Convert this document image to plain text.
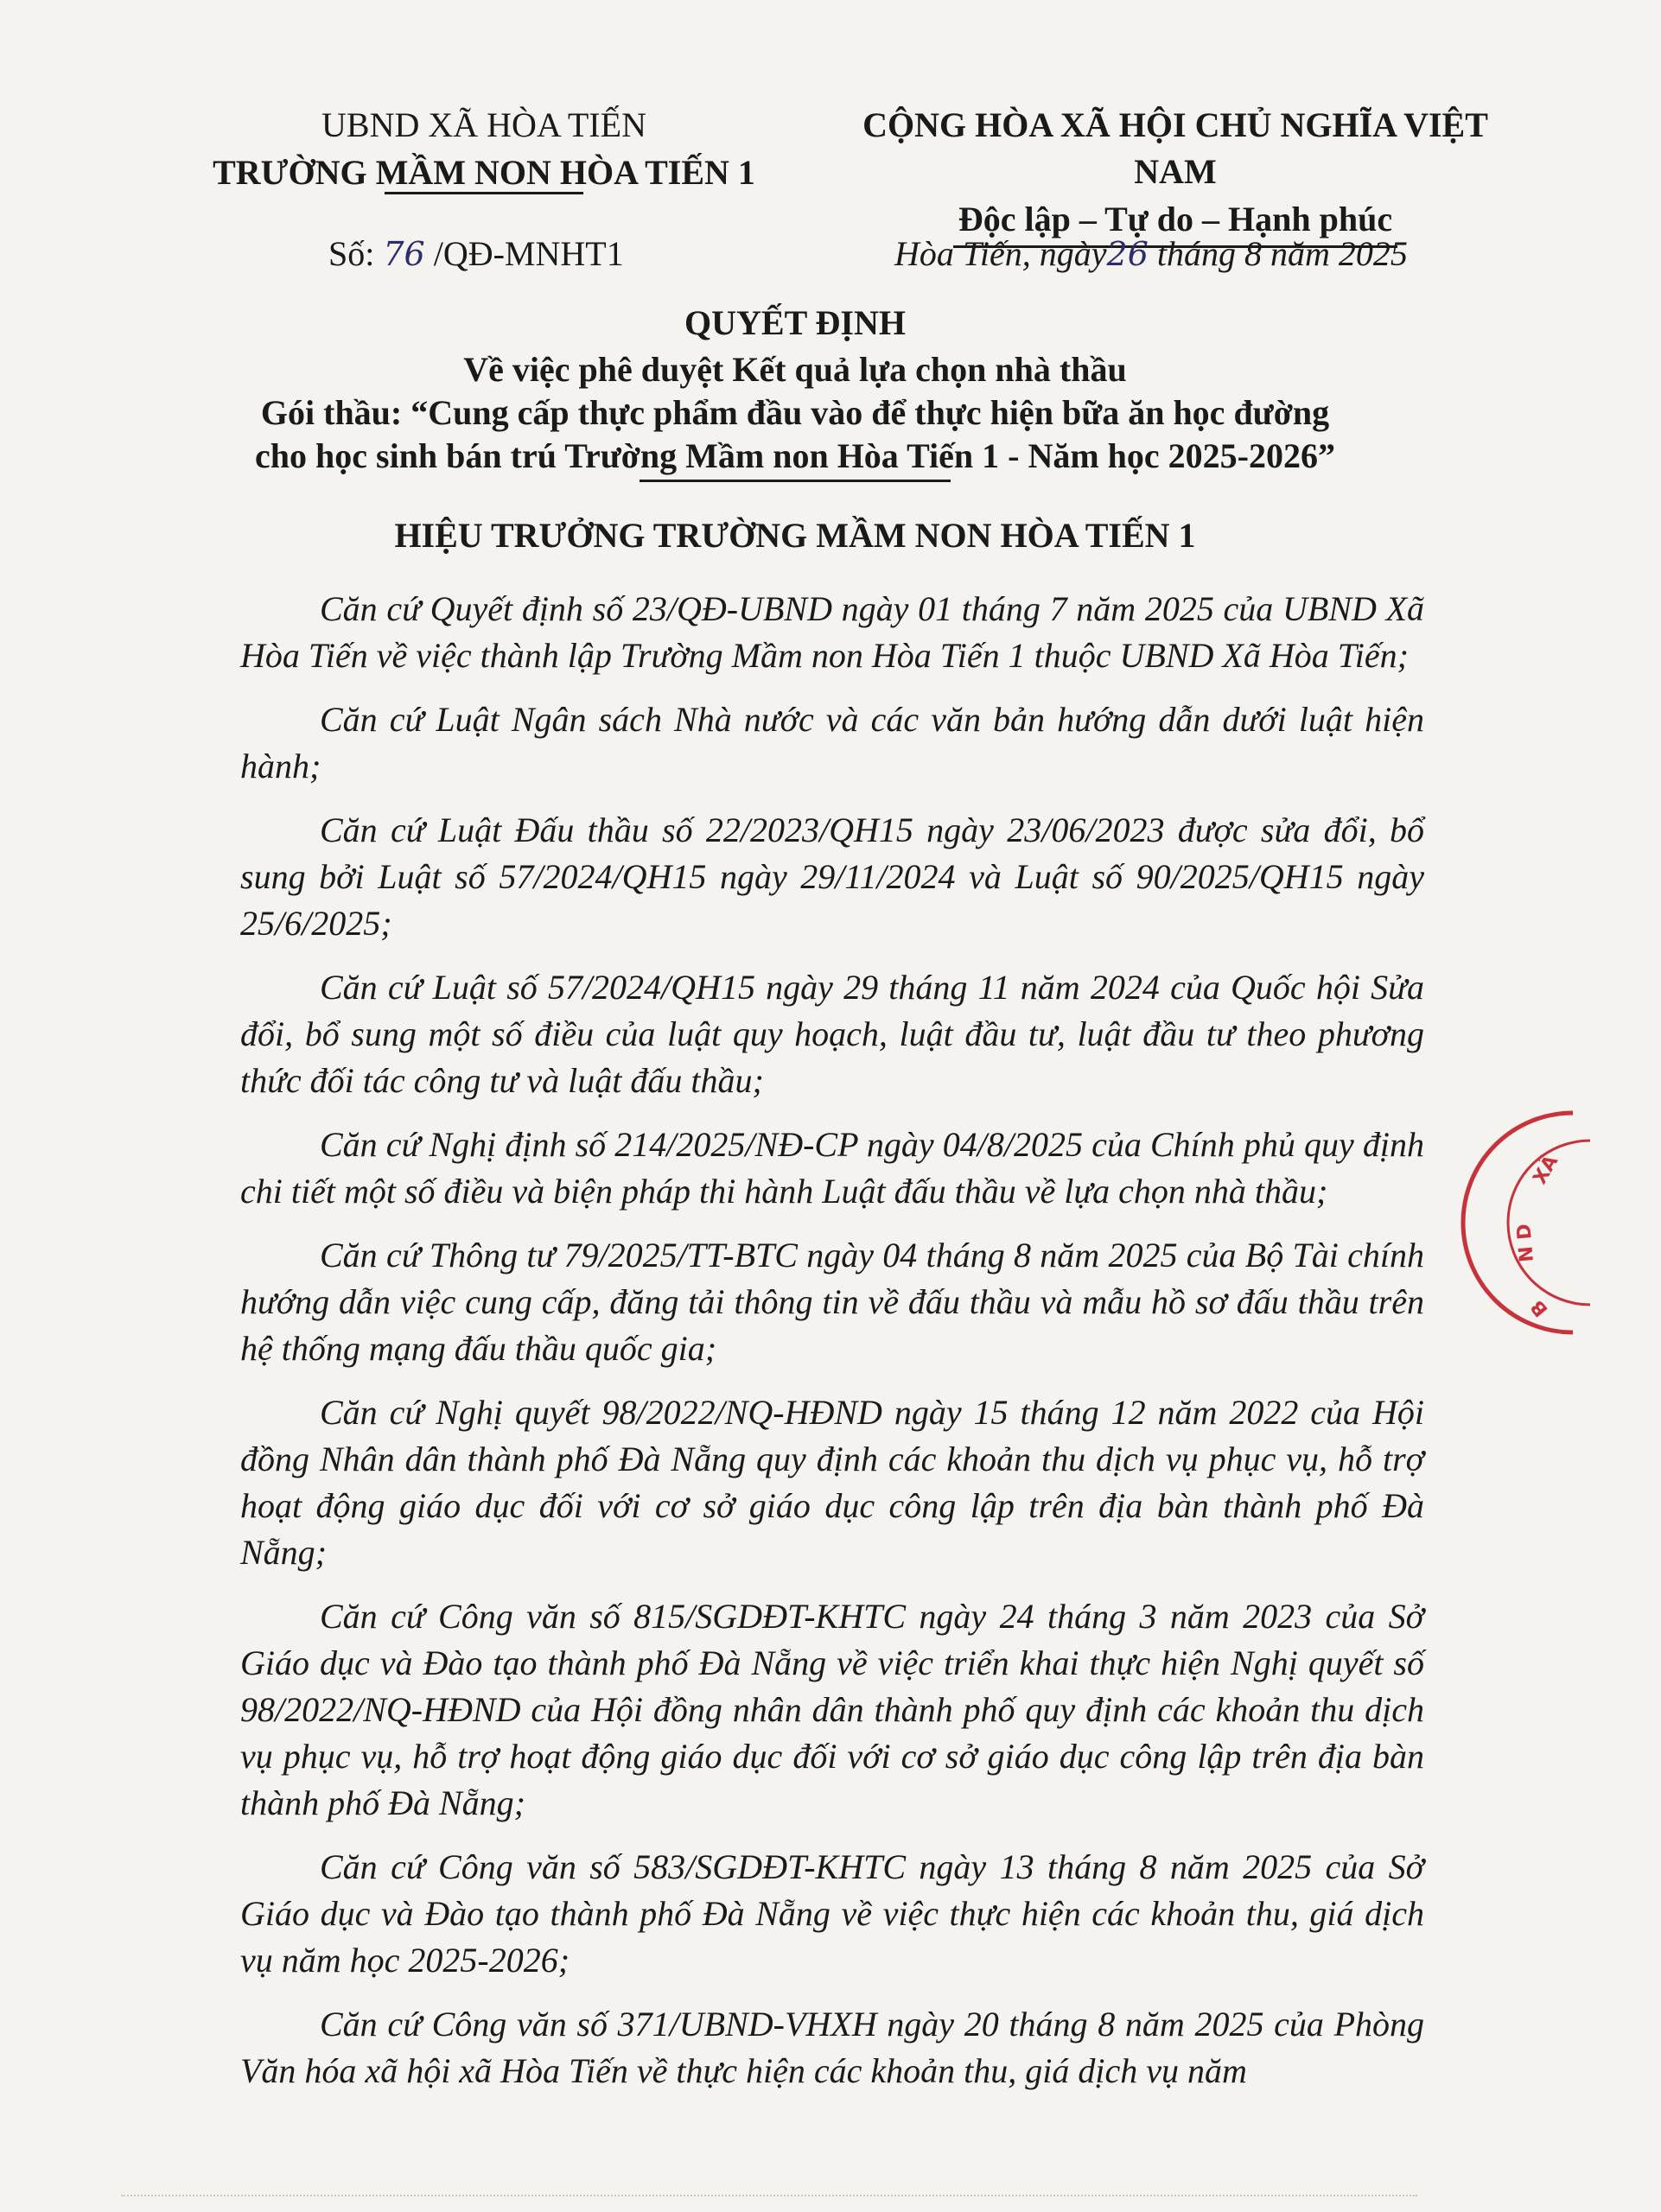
UBND XÃ HÒA TIẾN
TRƯỜNG MẦM NON HÒA TIẾN 1
CỘNG HÒA XÃ HỘI CHỦ NGHĨA VIỆT NAM
Độc lập – Tự do – Hạnh phúc
Số: 76 /QĐ-MNHT1	Hòa Tiến, ngày26 tháng 8 năm 2025
QUYẾT ĐỊNH
Về việc phê duyệt Kết quả lựa chọn nhà thầu
Gói thầu: “Cung cấp thực phẩm đầu vào để thực hiện bữa ăn học đường
cho học sinh bán trú Trường Mầm non Hòa Tiến 1 - Năm học 2025-2026”
HIỆU TRƯỞNG TRƯỜNG MẦM NON HÒA TIẾN 1

Căn cứ Quyết định số 23/QĐ-UBND ngày 01 tháng 7 năm 2025 của UBND Xã Hòa Tiến về việc thành lập Trường Mầm non Hòa Tiến 1 thuộc UBND Xã Hòa Tiến;

Căn cứ Luật Ngân sách Nhà nước và các văn bản hướng dẫn dưới luật hiện hành;

Căn cứ Luật Đấu thầu số 22/2023/QH15 ngày 23/06/2023 được sửa đổi, bổ sung bởi Luật số 57/2024/QH15 ngày 29/11/2024 và Luật số 90/2025/QH15 ngày 25/6/2025;

Căn cứ Luật số 57/2024/QH15 ngày 29 tháng 11 năm 2024 của Quốc hội Sửa đổi, bổ sung một số điều của luật quy hoạch, luật đầu tư, luật đầu tư theo phương thức đối tác công tư và luật đấu thầu;

Căn cứ Nghị định số 214/2025/NĐ-CP ngày 04/8/2025 của Chính phủ quy định chi tiết một số điều và biện pháp thi hành Luật đấu thầu về lựa chọn nhà thầu;

Căn cứ Thông tư 79/2025/TT-BTC ngày 04 tháng 8 năm 2025 của Bộ Tài chính hướng dẫn việc cung cấp, đăng tải thông tin về đấu thầu và mẫu hồ sơ đấu thầu trên hệ thống mạng đấu thầu quốc gia;

Căn cứ Nghị quyết 98/2022/NQ-HĐND ngày 15 tháng 12 năm 2022 của Hội đồng Nhân dân thành phố Đà Nẵng quy định các khoản thu dịch vụ phục vụ, hỗ trợ hoạt động giáo dục đối với cơ sở giáo dục công lập trên địa bàn thành phố Đà Nẵng;

Căn cứ Công văn số 815/SGDĐT-KHTC ngày 24 tháng 3 năm 2023 của Sở Giáo dục và Đào tạo thành phố Đà Nẵng về việc triển khai thực hiện Nghị quyết số 98/2022/NQ-HĐND của Hội đồng nhân dân thành phố quy định các khoản thu dịch vụ phục vụ, hỗ trợ hoạt động giáo dục đối với cơ sở giáo dục công lập trên địa bàn thành phố Đà Nẵng;

Căn cứ Công văn số 583/SGDĐT-KHTC ngày 13 tháng 8 năm 2025 của Sở Giáo dục và Đào tạo thành phố Đà Nẵng về việc thực hiện các khoản thu, giá dịch vụ năm học 2025-2026;

Căn cứ Công văn số 371/UBND-VHXH ngày 20 tháng 8 năm 2025 của Phòng Văn hóa xã hội xã Hòa Tiến về thực hiện các khoản thu, giá dịch vụ năm

XÃ
N D
B
